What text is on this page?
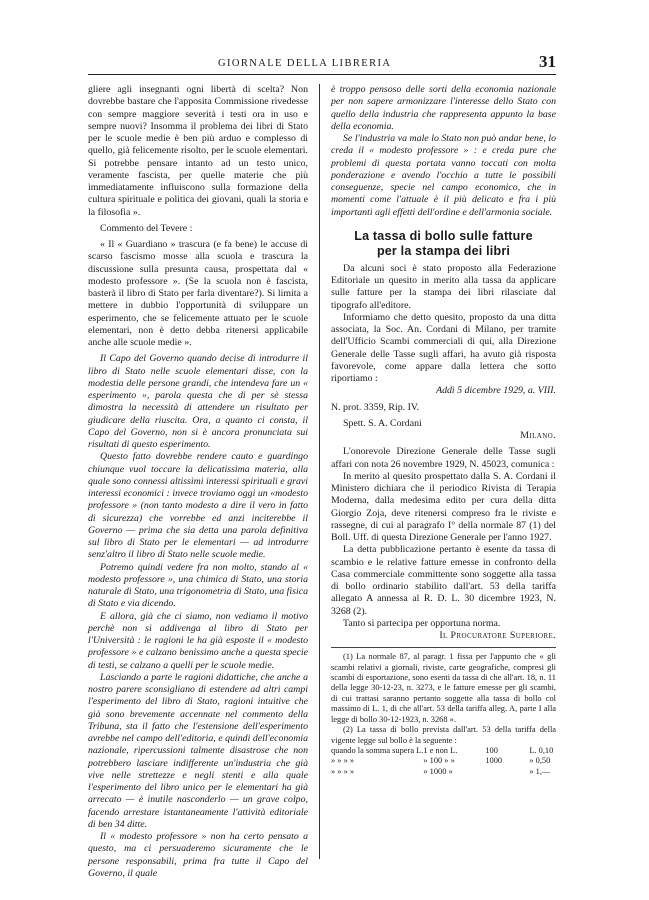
GIORNALE DELLA LIBRERIA	31

gliere agli insegnanti ogni libertà di scelta? Non dovrebbe bastare che l'apposita Commissione rivedesse con sempre maggiore severità i testi ora in uso e sempre nuovi? Insomma il problema dei libri di Stato per le scuole medie è ben più arduo e complesso di quello, già felicemente risolto, per le scuole elementari. Si potrebbe pensare intanto ad un testo unico, veramente fascista, per quelle materie che più immediatamente influiscono sulla formazione della cultura spirituale e politica dei giovani, quali la storia e la filosofia ».

Commento del Tevere :

« Il « Guardiano » trascura (e fa bene) le accuse di scarso fascismo mosse alla scuola e trascura la discussione sulla presunta causa, prospettata dal « modesto professore ». (Se la scuola non è fascista, basterà il libro di Stato per farla diventare?). Si limita a mettere in dubbio l'opportunità di sviluppare un esperimento, che se felicemente attuato per le scuole elementari, non è detto debba ritenersi applicabile anche alle scuole medie ».

Il Capo del Governo quando decise di introdurre il libro di Stato nelle scuole elementari disse, con la modestia delle persone grandi, che intendeva fare un « esperimento », parola questa che di per sè stessa dimostra la necessità di attendere un risultato per giudicare della riuscita. Ora, a quanto ci consta, il Capo del Governo, non si è ancora pronunciata sui risultati di questo esperimento.

Questo fatto dovrebbe rendere cauto e guardingo chiunque vuol toccare la delicatissima materia, alla quale sono connessi altissimi interessi spirituali e gravi interessi economici : invece troviamo oggi un «modesto professore » (non tanto modesto a dire il vero in fatto di sicurezza) che vorrebbe ed anzi inciterebbe il Governo — prima che sia detta una parola definitiva sul libro di Stato per le elementari — ad introdurre senz'altro il libro di Stato nelle scuole medie.

Potremo quindi vedere fra non molto, stando al « modesto professore », una chimica di Stato, una storia naturale di Stato, una trigonometria di Stato, una fisica di Stato e via dicendo.

E allora, già che ci siamo, non vediamo il motivo perchè non si addivenga al libro di Stato per l'Università : le ragioni le ha già esposte il « modesto professore » e calzano benissimo anche a questa specie di testi, se calzano a quelli per le scuole medie.

Lasciando a parte le ragioni didattiche, che anche a nostro parere sconsigliano di estendere ad altri campi l'esperimento del libro di Stato, ragioni intuitive che già sono brevemente accennate nel commento della Tribuna, sta il fatto che l'estensione dell'esperimento avrebbe nel campo dell'editoria, e quindi dell'economia nazionale, ripercussioni talmente disastrose che non potrebbero lasciare indifferente un'industria che già vive nelle strettezze e negli stenti e alla quale l'esperimento del libro unico per le elementari ha già arrecato — è inutile nasconderlo — un grave colpo, facendo arrestare istantaneamente l'attività editoriale di ben 34 ditte.

Il « modesto professore » non ha certo pensato a questo, ma ci persuaderemo sicuramente che le persone responsabili, prima fra tutte il Capo del Governo, il quale

è troppo pensoso delle sorti della economia nazionale per non sapere armonizzare l'interesse dello Stato con quello della industria che rappresenta appunto la base della economia.

Se l'industria va male lo Stato non può andar bene, lo creda il « modesto professore » : e creda pure che problemi di questa portata vanno toccati con molta ponderazione e avendo l'occhio a tutte le possibili conseguenze, specie nel campo economico, che in momenti come l'attuale è il più delicato e fra i più importanti agli effetti dell'ordine e dell'armonia sociale.

La tassa di bollo sulle fatture
per la stampa dei libri

Da alcuni soci è stato proposto alla Federazione Editoriale un quesito in merito alla tassa da applicare sulle fatture per la stampa dei libri rilasciate dal tipografo all'editore.

Informiamo che detto quesito, proposto da una ditta associata, la Soc. An. Cordani di Milano, per tramite dell'Ufficio Scambi commerciali di qui, alla Direzione Generale delle Tasse sugli affari, ha avuto già risposta favorevole, come appare dalla lettera che sotto riportiamo :

Addì 5 dicembre 1929, a. VIII.

N. prot. 3359, Rip. IV.

Spett. S. A. Cordani

Milano.

L'onorevole Direzione Generale delle Tasse sugli affari con nota 26 novembre 1929, N. 45023, comunica :

In merito al quesito prospettato dalla S. A. Cordani il Ministero dichiara che il periodico Rivista di Terapia Moderna, dalla medesima edito per cura della ditta Giorgio Zoja, deve ritenersi compreso fra le riviste e rassegne, di cui al paragrafo I° della normale 87 (1) del Boll. Uff. di questa Direzione Generale per l'anno 1927.

La detta pubblicazione pertanto è esente da tassa di scambio e le relative fatture emesse in confronto della Casa commerciale committente sono soggette alla tassa di bollo ordinario stabilito dall'art. 53 della tariffa allegato A annessa al R. D. L. 30 dicembre 1923, N. 3268 (2).

Tanto si partecipa per opportuna norma.

Il Procuratore Superiore.

(1) La normale 87, al paragr. 1 fissa per l'appunto che « gli scambi relativi a giornali, riviste, carte geografiche, compresi gli scambi di esportazione, sono esenti da tassa di che all'art. 18, n. 11 della legge 30-12-23, n. 3273, e le fatture emesse per gli scambi, di cui trattasi saranno pertanto soggette alla tassa di bollo col massimo di L. 1, di che all'art. 53 della tariffa alleg. A, parte I alla legge di bollo 30-12-1923, n. 3268 ».

(2) La tassa di bollo prevista dall'art. 53 della tariffa della vigente legge sul bollo è la seguente :

quando la somma supera L.	1 e non L.	100	L. 0,10
» » » »	» 100 » »	1000	» 0,50
» » » »	» 1000 »		» 1,—
